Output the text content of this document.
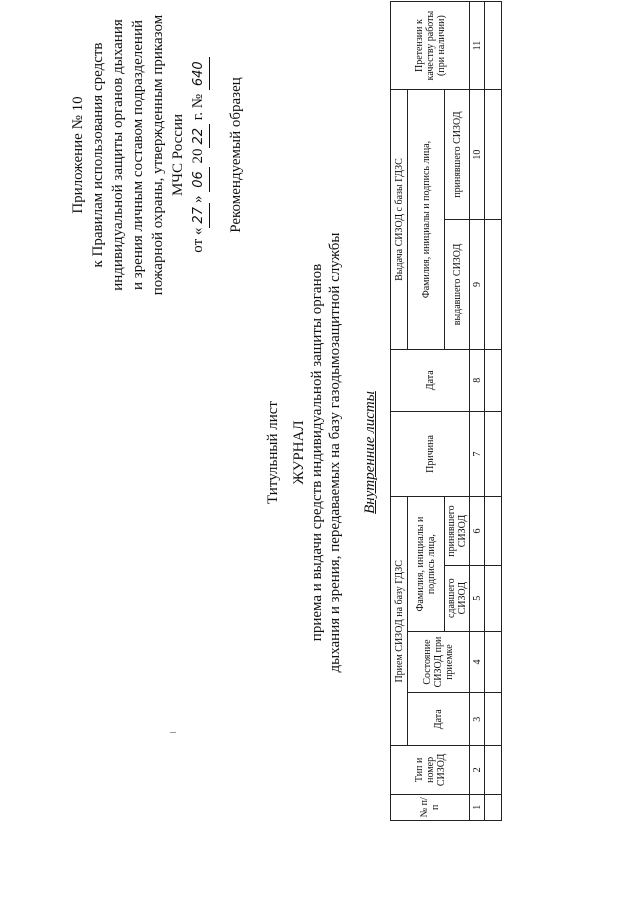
Приложение № 10 к Правилам использования средств индивидуальной защиты органов дыхания и зрения личным составом подразделений пожарной охраны, утвержденным приказом МЧС России
от «27» 06 2022 г. № 640
Рекомендуемый образец
Титульный лист ЖУРНАЛ приема и выдачи средств индивидуальной защиты органов дыхания и зрения, передаваемых на базу газодымозащитной службы Внутренние листы
№ п/п	Тип и номер СИЗОД	Прием СИЗОД на базу ГДЗС				Причина	Дата	Выдача СИЗОД с базы ГДЗС		Претензии к качеству работы (при наличии)
		Дата	Состояние СИЗОД при приемке	Фамилия, инициалы и подпись лица,				Фамилия, инициалы и подпись лица,		
				сдавшего СИЗОД	принявшего СИЗОД			выдавшего СИЗОД	принявшего СИЗОД	
1	2	3	4	5	6	7	8	9	10	11
